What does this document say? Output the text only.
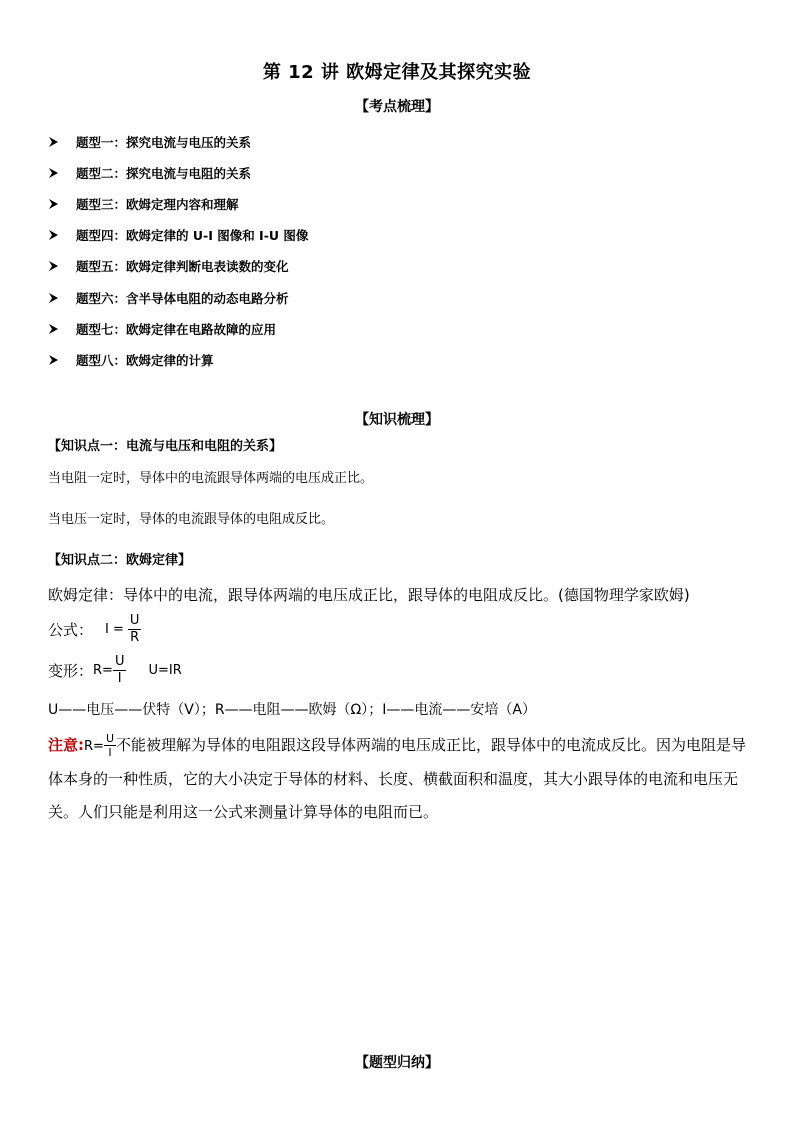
第 12 讲 欧姆定律及其探究实验
【考点梳理】
题型一：探究电流与电压的关系
题型二：探究电流与电阻的关系
题型三：欧姆定理内容和理解
题型四：欧姆定律的 U-I 图像和 I-U 图像
题型五：欧姆定律判断电表读数的变化
题型六：含半导体电阻的动态电路分析
题型七：欧姆定律在电路故障的应用
题型八：欧姆定律的计算
【知识梳理】
【知识点一：电流与电压和电阻的关系】
当电阻一定时，导体中的电流跟导体两端的电压成正比。
当电压一定时，导体的电流跟导体的电阻成反比。
【知识点二：欧姆定律】
欧姆定律：导体中的电流，跟导体两端的电压成正比，跟导体的电阻成反比。(德国物理学家欧姆)
公式： $I = \frac{U}{R}$
变形： $R= \frac{U}{I} U=IR$
U——电压——伏特（V）；R——电阻——欧姆（Ω）；I——电流——安培（A）
注意:R= $\frac{U}{I}$ 不能被理解为导体的电阻跟这段导体两端的电压成正比，跟导体中的电流成反比。因为电阻是导体本身的一种性质，它的大小决定于导体的材料、长度、横截面积和温度，其大小跟导体的电流和电压无关。人们只能是利用这一公式来测量计算导体的电阻而已。
【题型归纳】
